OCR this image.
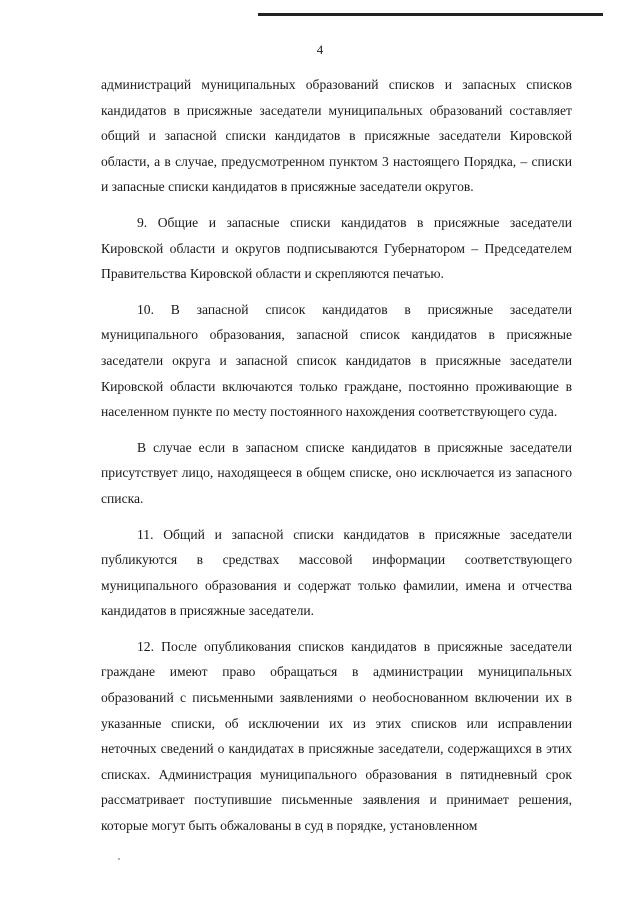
4

администраций муниципальных образований списков и запасных списков кандидатов в присяжные заседатели муниципальных образований составляет общий и запасной списки кандидатов в присяжные заседатели Кировской области, а в случае, предусмотренном пунктом 3 настоящего Порядка, – списки и запасные списки кандидатов в присяжные заседатели округов.

9. Общие и запасные списки кандидатов в присяжные заседатели Кировской области и округов подписываются Губернатором – Председателем Правительства Кировской области и скрепляются печатью.

10. В запасной список кандидатов в присяжные заседатели муниципального образования, запасной список кандидатов в присяжные заседатели округа и запасной список кандидатов в присяжные заседатели Кировской области включаются только граждане, постоянно проживающие в населенном пункте по месту постоянного нахождения соответствующего суда.

В случае если в запасном списке кандидатов в присяжные заседатели присутствует лицо, находящееся в общем списке, оно исключается из запасного списка.

11. Общий и запасной списки кандидатов в присяжные заседатели публикуются в средствах массовой информации соответствующего муниципального образования и содержат только фамилии, имена и отчества кандидатов в присяжные заседатели.

12. После опубликования списков кандидатов в присяжные заседатели граждане имеют право обращаться в администрации муниципальных образований с письменными заявлениями о необоснованном включении их в указанные списки, об исключении их из этих списков или исправлении неточных сведений о кандидатах в присяжные заседатели, содержащихся в этих списках. Администрация муниципального образования в пятидневный срок рассматривает поступившие письменные заявления и принимает решения, которые могут быть обжалованы в суд в порядке, установленном
